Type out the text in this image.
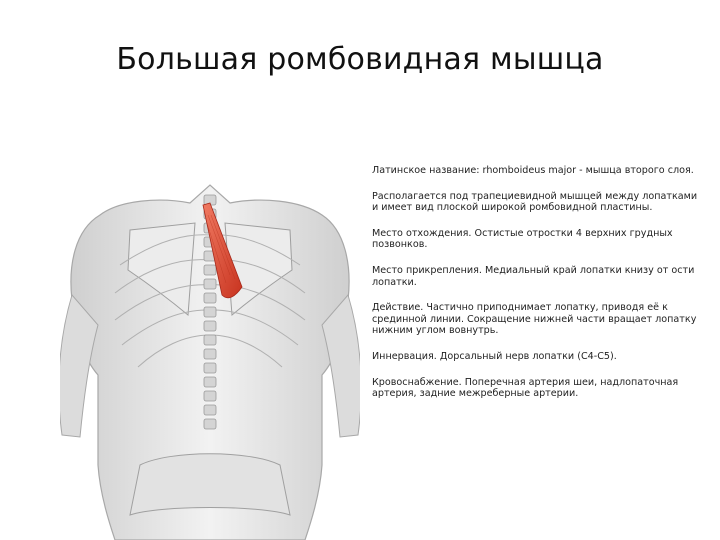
Большая ромбовидная мышца

Латинское название: rhomboideus major - мышца второго слоя.

Располагается под трапециевидной мышцей между лопатками и имеет вид плоской широкой ромбовидной пластины.

Место отхождения. Остистые отростки 4 верхних грудных позвонков.

Место прикрепления. Медиальный край лопатки книзу от ости лопатки.

Действие. Частично приподнимает лопатку, приводя её к срединной линии. Сокращение нижней части вращает лопатку нижним углом вовнутрь.

Иннервация. Дорсальный нерв лопатки (C4-C5).

Кровоснабжение. Поперечная артерия шеи, надлопаточная артерия, задние межреберные артерии.
